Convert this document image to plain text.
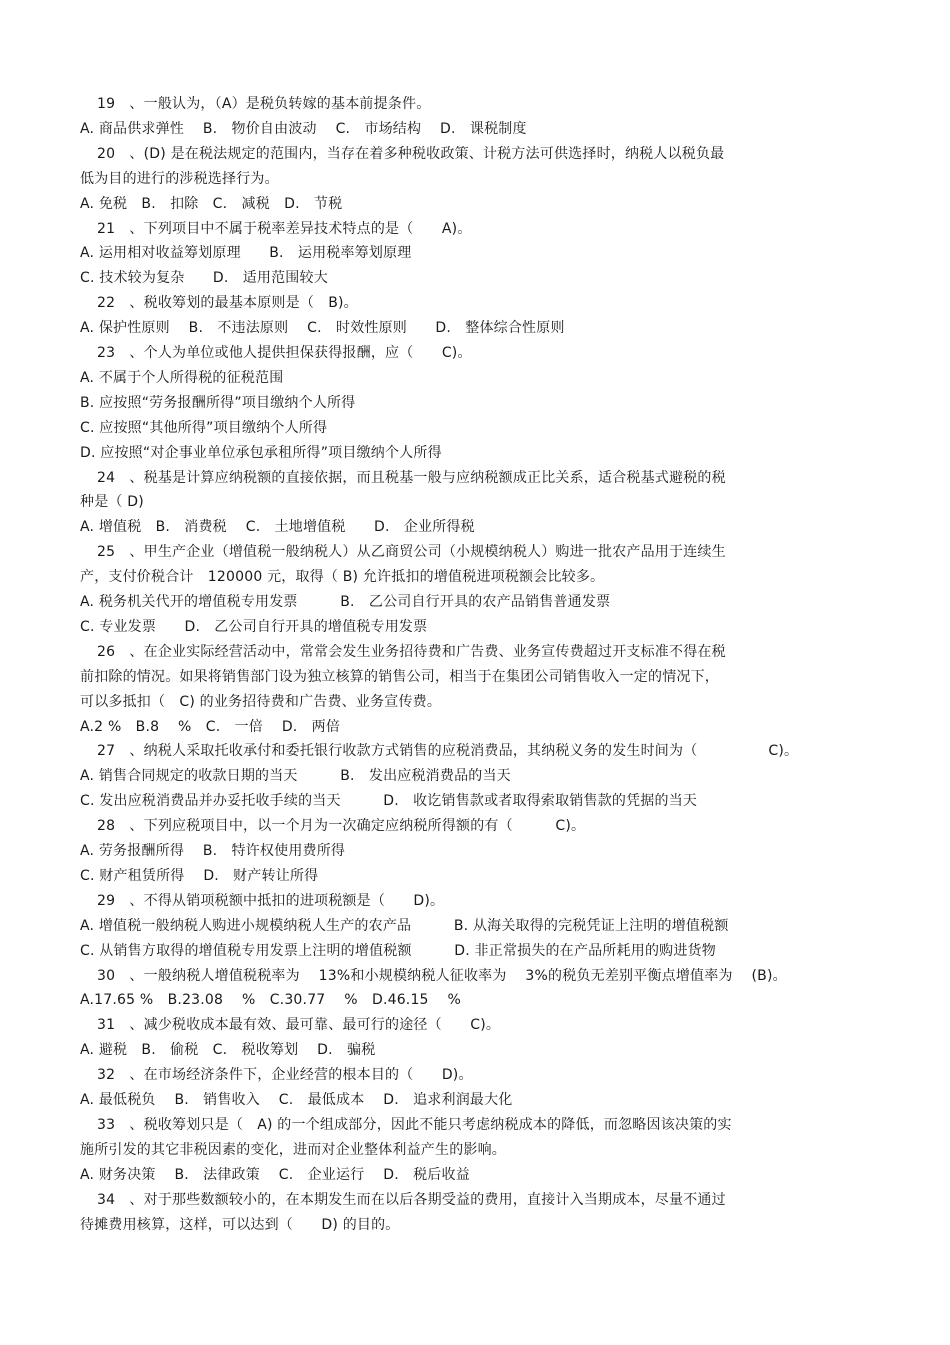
19　、一般认为，（A）是税负转嫁的基本前提条件。
A. 商品供求弹性　 B.　物价自由波动　 C.　市场结构　 D.　课税制度
20　、(D) 是在税法规定的范围内，当存在着多种税收政策、计税方法可供选择时，纳税人以税负最
低为目的进行的涉税选择行为。
A. 免税　B.　扣除　C.　减税　D.　节税
21　、下列项目中不属于税率差异技术特点的是（　　A)。
A. 运用相对收益筹划原理　　B.　运用税率筹划原理
C. 技术较为复杂　　D.　适用范围较大
22　、税收筹划的最基本原则是（　B)。
A. 保护性原则　 B.　不违法原则　 C.　时效性原则　　D.　整体综合性原则
23　、个人为单位或他人提供担保获得报酬，应（　　C)。
A. 不属于个人所得税的征税范围
B. 应按照“劳务报酬所得”项目缴纳个人所得
C. 应按照“其他所得”项目缴纳个人所得
D. 应按照“对企事业单位承包承租所得”项目缴纳个人所得
24　、税基是计算应纳税额的直接依据，而且税基一般与应纳税额成正比关系，适合税基式避税的税
种是（ D)
A. 增值税　B.　消费税　 C.　土地增值税　　D.　企业所得税
25　、甲生产企业（增值税一般纳税人）从乙商贸公司（小规模纳税人）购进一批农产品用于连续生
产，支付价税合计　120000 元，取得（ B) 允许抵扣的增值税进项税额会比较多。
A. 税务机关代开的增值税专用发票　　　B.　乙公司自行开具的农产品销售普通发票
C. 专业发票　　D.　乙公司自行开具的增值税专用发票
26　、在企业实际经营活动中，常常会发生业务招待费和广告费、业务宣传费超过开支标准不得在税
前扣除的情况。如果将销售部门设为独立核算的销售公司，相当于在集团公司销售收入一定的情况下，
可以多抵扣（　C) 的业务招待费和广告费、业务宣传费。
A.2 %　B.8　 %　C.　一倍　 D.　两倍
27　、纳税人采取托收承付和委托银行收款方式销售的应税消费品，其纳税义务的发生时间为（　　　　　C)。
A. 销售合同规定的收款日期的当天　　　B.　发出应税消费品的当天
C. 发出应税消费品并办妥托收手续的当天　　　D.　收讫销售款或者取得索取销售款的凭据的当天
28　、下列应税项目中，以一个月为一次确定应纳税所得额的有（　　　C)。
A. 劳务报酬所得　 B.　特许权使用费所得
C. 财产租赁所得　 D.　财产转让所得
29　、不得从销项税额中抵扣的进项税额是（　　D)。
A. 增值税一般纳税人购进小规模纳税人生产的农产品　　　B. 从海关取得的完税凭证上注明的增值税额
C. 从销售方取得的增值税专用发票上注明的增值税额　　　D. 非正常损失的在产品所耗用的购进货物
30　、一般纳税人增值税税率为　 13%和小规模纳税人征收率为　 3%的税负无差别平衡点增值率为　 (B)。
A.17.65 %　B.23.08　 %　C.30.77　 %　D.46.15　 %
31　、减少税收成本最有效、最可靠、最可行的途径（　　C)。
A. 避税　B.　偷税　C.　税收筹划　 D.　骗税
32　、在市场经济条件下，企业经营的根本目的（　　D)。
A. 最低税负　 B.　销售收入　 C.　最低成本　 D.　追求利润最大化
33　、税收筹划只是（　A) 的一个组成部分，因此不能只考虑纳税成本的降低，而忽略因该决策的实
施所引发的其它非税因素的变化，进而对企业整体利益产生的影响。
A. 财务决策　 B.　法律政策　 C.　企业运行　 D.　税后收益
34　、对于那些数额较小的，在本期发生而在以后各期受益的费用，直接计入当期成本，尽量不通过
待摊费用核算，这样，可以达到（　　D) 的目的。
